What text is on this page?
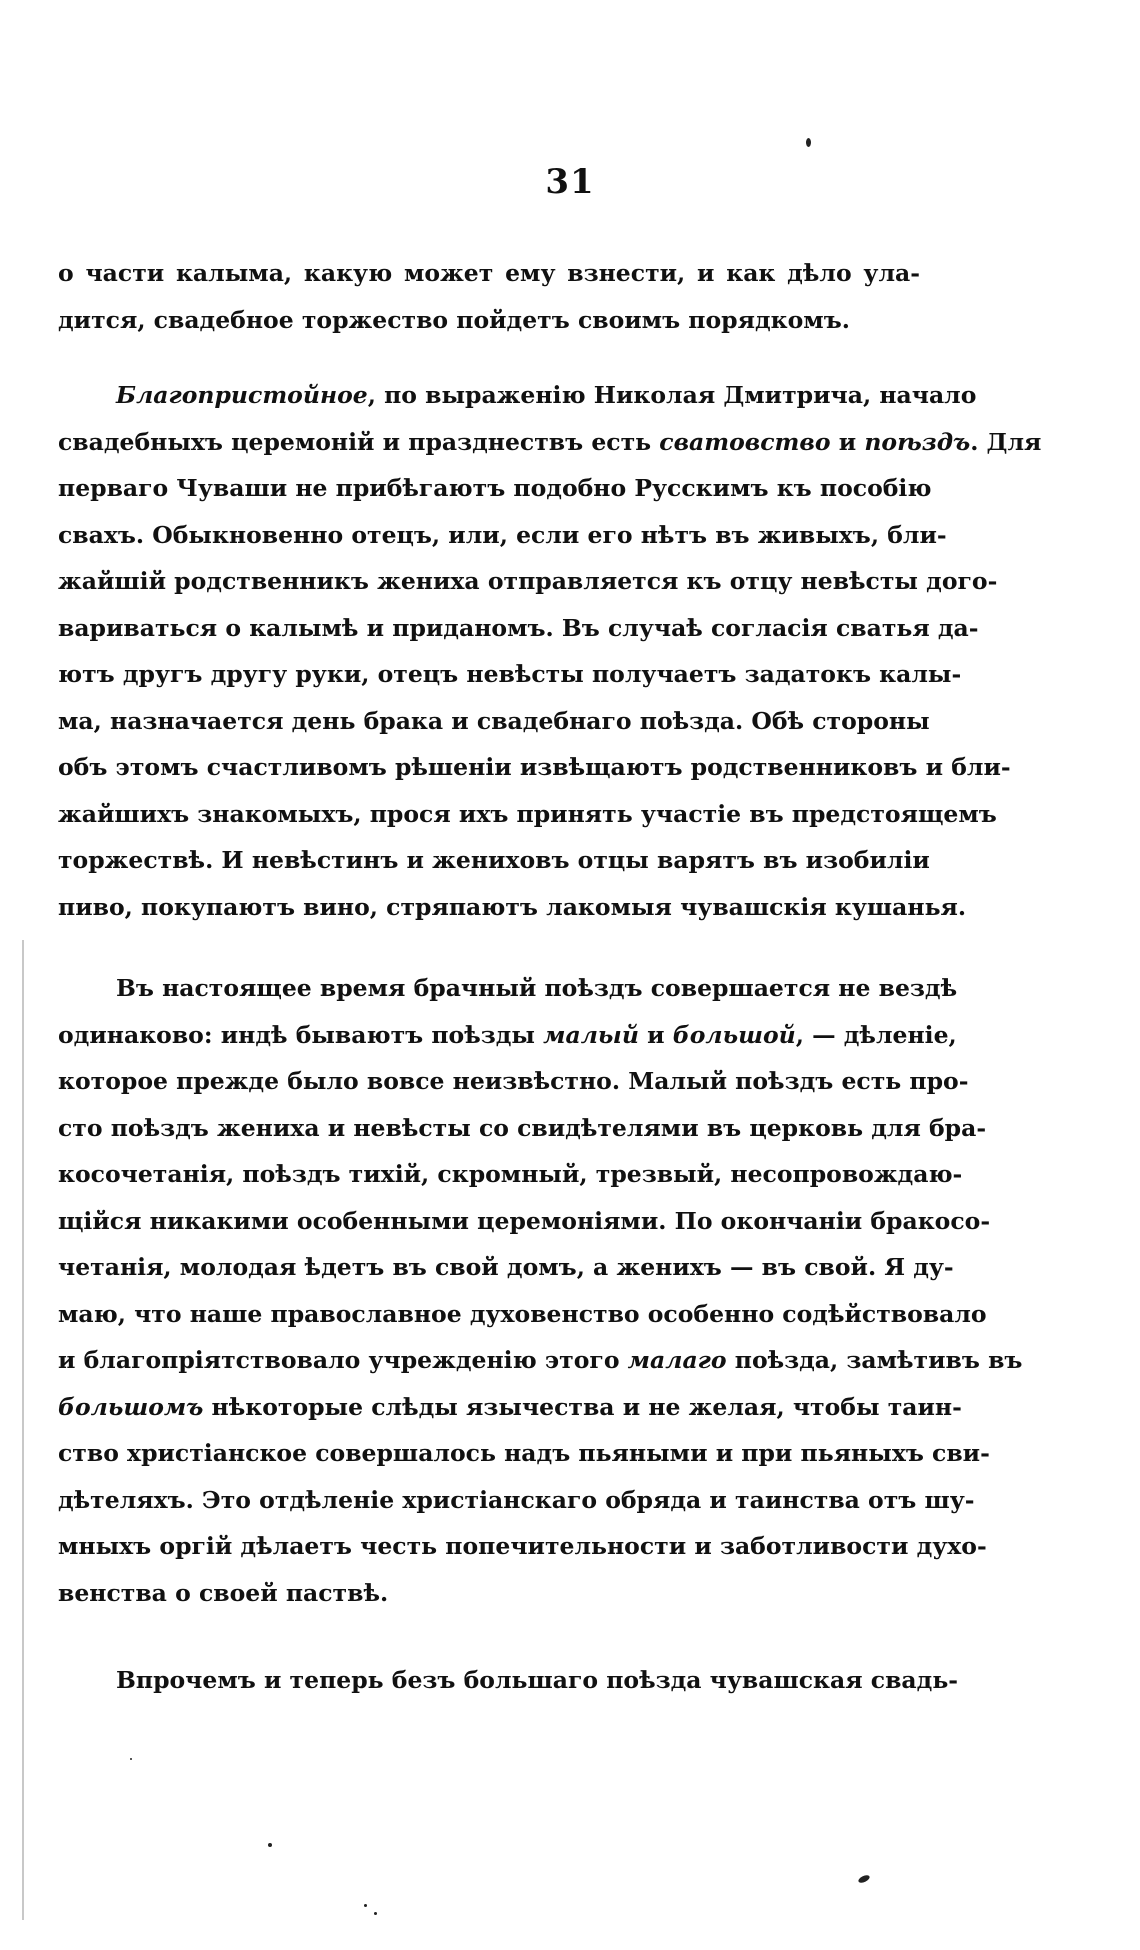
31

о части калыма, какую может ему взнести, и как дѣло ула-
дится, свадебное торжество пойдетъ своимъ порядкомъ.

Благопристойное, по выраженію Николая Дмитрича, начало
свадебныхъ церемоній и празднествъ есть сватовство и поѣздъ. Для
перваго Чуваши не прибѣгаютъ подобно Русскимъ къ пособію
свахъ. Обыкновенно отецъ, или, если его нѣтъ въ живыхъ, бли-
жайшій родственникъ жениха отправляется къ отцу невѣсты дого-
вариваться о калымѣ и приданомъ. Въ случаѣ согласія сватья да-
ютъ другъ другу руки, отецъ невѣсты получаетъ задатокъ калы-
ма, назначается день брака и свадебнаго поѣзда. Обѣ стороны
объ этомъ счастливомъ рѣшеніи извѣщаютъ родственниковъ и бли-
жайшихъ знакомыхъ, прося ихъ принять участіе въ предстоящемъ
торжествѣ. И невѣстинъ и жениховъ отцы варятъ въ изобиліи
пиво, покупаютъ вино, стряпаютъ лакомыя чувашскія кушанья.

Въ настоящее время брачный поѣздъ совершается не вездѣ
одинаково: индѣ бываютъ поѣзды малый и большой, — дѣленіе,
которое прежде было вовсе неизвѣстно. Малый поѣздъ есть про-
сто поѣздъ жениха и невѣсты со свидѣтелями въ церковь для бра-
косочетанія, поѣздъ тихій, скромный, трезвый, несопровождаю-
щійся никакими особенными церемоніями. По окончаніи бракосо-
четанія, молодая ѣдетъ въ свой домъ, а женихъ — въ свой. Я ду-
маю, что наше православное духовенство особенно содѣйствовало
и благопріятствовало учрежденію этого малаго поѣзда, замѣтивъ въ
большомъ нѣкоторые слѣды язычества и не желая, чтобы таин-
ство христіанское совершалось надъ пьяными и при пьяныхъ сви-
дѣтеляхъ. Это отдѣленіе христіанскаго обряда и таинства отъ шу-
мныхъ оргій дѣлаетъ честь попечительности и заботливости духо-
венства о своей паствѣ.

Впрочемъ и теперь безъ большаго поѣзда чувашская свадь-
